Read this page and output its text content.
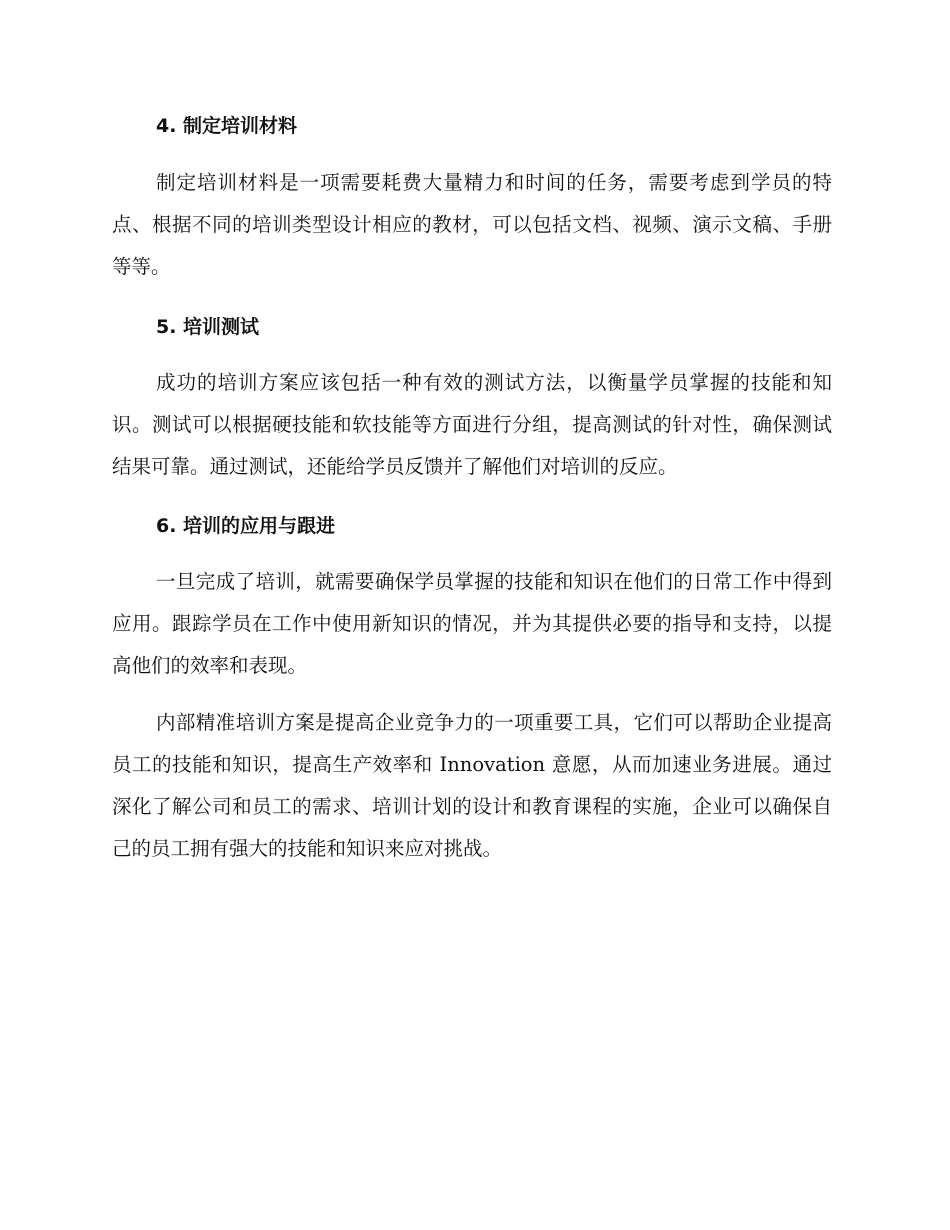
4. 制定培训材料

制定培训材料是一项需要耗费大量精力和时间的任务，需要考虑到学员的特点、根据不同的培训类型设计相应的教材，可以包括文档、视频、演示文稿、手册等等。

5. 培训测试

成功的培训方案应该包括一种有效的测试方法，以衡量学员掌握的技能和知识。测试可以根据硬技能和软技能等方面进行分组，提高测试的针对性，确保测试结果可靠。通过测试，还能给学员反馈并了解他们对培训的反应。

6. 培训的应用与跟进

一旦完成了培训，就需要确保学员掌握的技能和知识在他们的日常工作中得到应用。跟踪学员在工作中使用新知识的情况，并为其提供必要的指导和支持，以提高他们的效率和表现。

内部精准培训方案是提高企业竞争力的一项重要工具，它们可以帮助企业提高员工的技能和知识，提高生产效率和 Innovation 意愿，从而加速业务进展。通过深化了解公司和员工的需求、培训计划的设计和教育课程的实施，企业可以确保自己的员工拥有强大的技能和知识来应对挑战。
